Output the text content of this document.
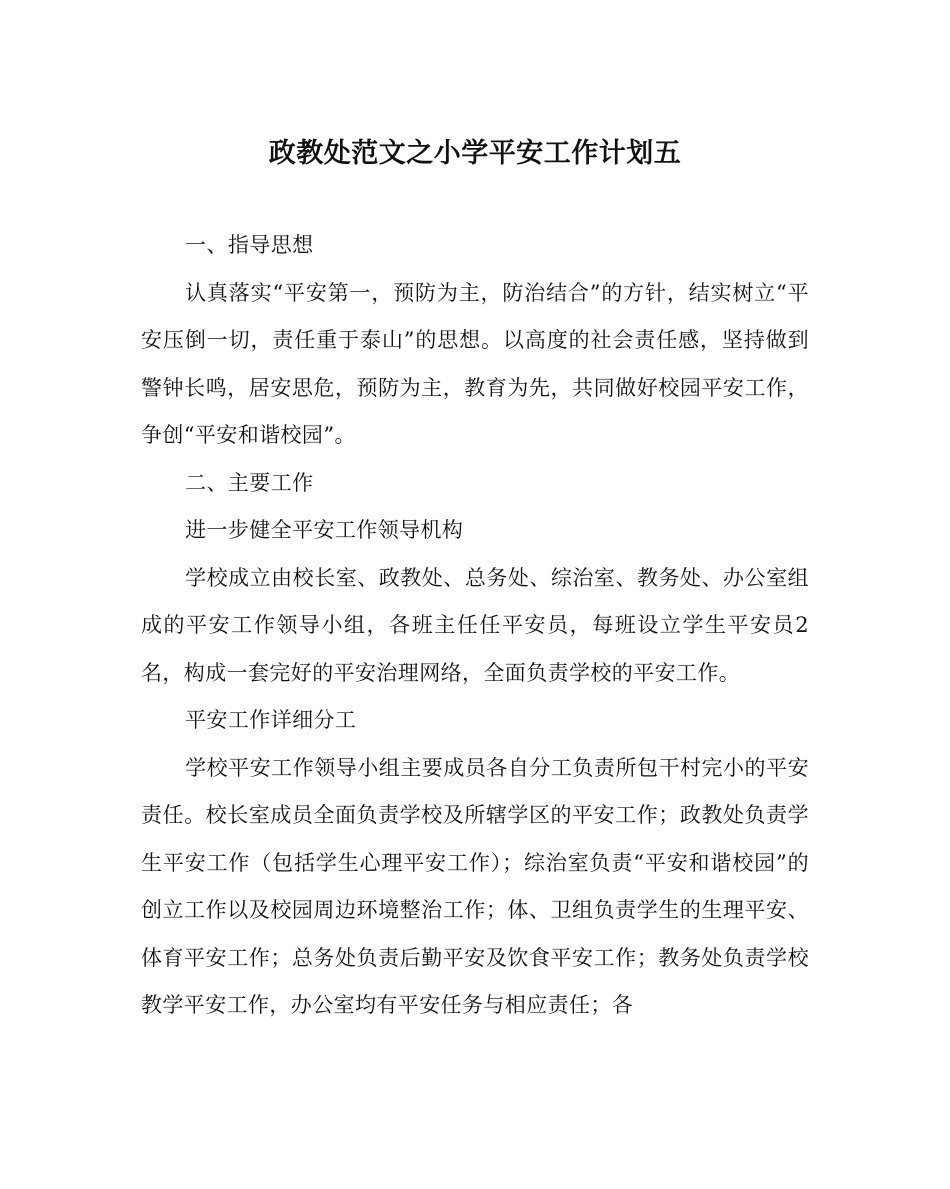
政教处范文之小学平安工作计划五

一、指导思想

认真落实“平安第一，预防为主，防治结合”的方针，结实树立“平安压倒一切，责任重于泰山”的思想。以高度的社会责任感，坚持做到警钟长鸣，居安思危，预防为主，教育为先，共同做好校园平安工作，争创“平安和谐校园”。

二、主要工作

进一步健全平安工作领导机构

学校成立由校长室、政教处、总务处、综治室、教务处、办公室组成的平安工作领导小组，各班主任任平安员，每班设立学生平安员2名，构成一套完好的平安治理网络，全面负责学校的平安工作。

平安工作详细分工

学校平安工作领导小组主要成员各自分工负责所包干村完小的平安责任。校长室成员全面负责学校及所辖学区的平安工作；政教处负责学生平安工作（包括学生心理平安工作）；综治室负责“平安和谐校园”的创立工作以及校园周边环境整治工作；体、卫组负责学生的生理平安、体育平安工作；总务处负责后勤平安及饮食平安工作；教务处负责学校教学平安工作，办公室均有平安任务与相应责任；各
